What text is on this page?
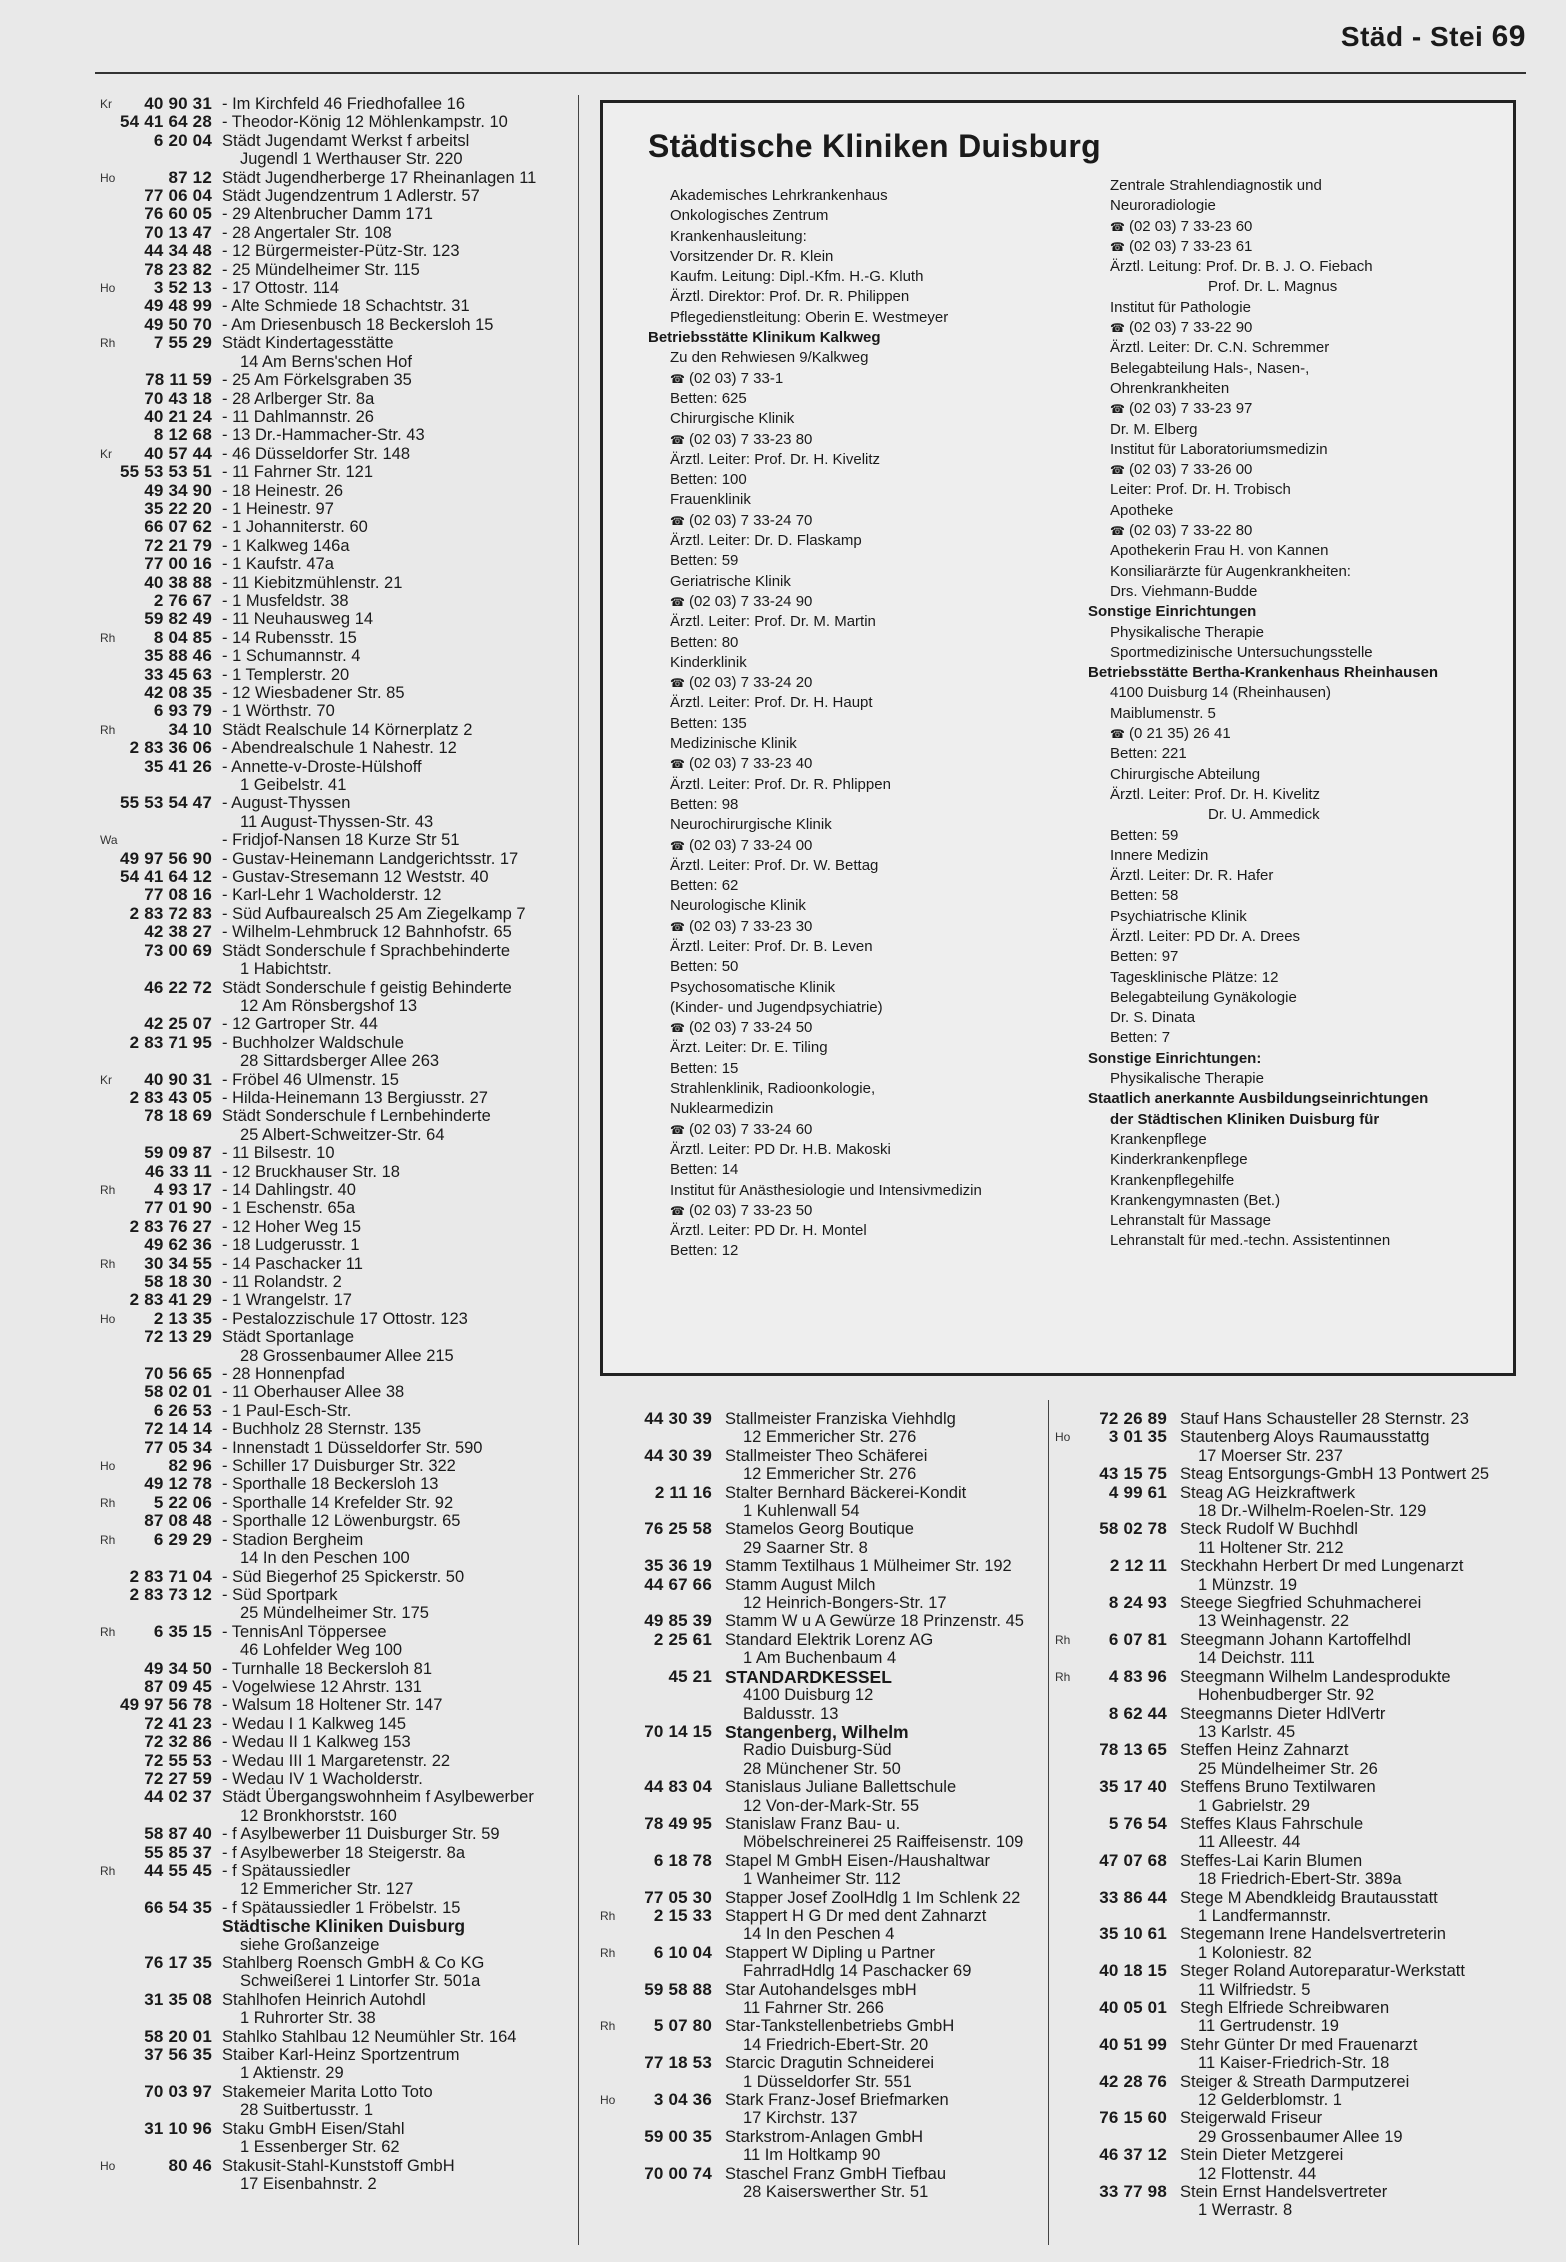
Städ - Stei 69
Kr	40 90 31 - Im Kirchfeld 46 Friedhofallee 16
54 41 64 28 - Theodor-König 12 Möhlenkampstr. 10
6 20 04 Städt Jugendamt Werkst f arbeitsl
Jugendl 1 Werthauser Str. 220
Ho	87 12 Städt Jugendherberge 17 Rheinanlagen 11
77 06 04 Städt Jugendzentrum 1 Adlerstr. 57
76 60 05 - 29 Altenbrucher Damm 171
70 13 47 - 28 Angertaler Str. 108
44 34 48 - 12 Bürgermeister-Pütz-Str. 123
78 23 82 - 25 Mündelheimer Str. 115
Ho	3 52 13 - 17 Ottostr. 114
49 48 99 - Alte Schmiede 18 Schachtstr. 31
49 50 70 - Am Driesenbusch 18 Beckersloh 15
Rh	7 55 29 Städt Kindertagesstätte
14 Am Berns'schen Hof
78 11 59 - 25 Am Förkelsgraben 35
70 43 18 - 28 Arlberger Str. 8a
40 21 24 - 11 Dahlmannstr. 26
8 12 68 - 13 Dr.-Hammacher-Str. 43
Kr	40 57 44 - 46 Düsseldorfer Str. 148
55 53 53 51 - 11 Fahrner Str. 121
49 34 90 - 18 Heinestr. 26
35 22 20 - 1 Heinestr. 97
66 07 62 - 1 Johanniterstr. 60
72 21 79 - 1 Kalkweg 146a
77 00 16 - 1 Kaufstr. 47a
40 38 88 - 11 Kiebitzmühlenstr. 21
2 76 67 - 1 Musfeldstr. 38
59 82 49 - 11 Neuhausweg 14
Rh	8 04 85 - 14 Rubensstr. 15
35 88 46 - 1 Schumannstr. 4
33 45 63 - 1 Templerstr. 20
42 08 35 - 12 Wiesbadener Str. 85
6 93 79 - 1 Wörthstr. 70
Rh	34 10 Städt Realschule 14 Körnerplatz 2
2 83 36 06 - Abendrealschule 1 Nahestr. 12
35 41 26 - Annette-v-Droste-Hülshoff
1 Geibelstr. 41
55 53 54 47 - August-Thyssen
11 August-Thyssen-Str. 43
Wa	- Fridjof-Nansen 18 Kurze Str 51
49 97 56 90 - Gustav-Heinemann Landgerichtsstr. 17
54 41 64 12 - Gustav-Stresemann 12 Weststr. 40
77 08 16 - Karl-Lehr 1 Wacholderstr. 12
2 83 72 83 - Süd Aufbaurealsch 25 Am Ziegelkamp 7
42 38 27 - Wilhelm-Lehmbruck 12 Bahnhofstr. 65
73 00 69 Städt Sonderschule f Sprachbehinderte
1 Habichtstr.
46 22 72 Städt Sonderschule f geistig Behinderte
12 Am Rönsbergshof 13
42 25 07 - 12 Gartroper Str. 44
2 83 71 95 - Buchholzer Waldschule
28 Sittardsberger Allee 263
Kr	40 90 31 - Fröbel 46 Ulmenstr. 15
2 83 43 05 - Hilda-Heinemann 13 Bergiusstr. 27
78 18 69 Städt Sonderschule f Lernbehinderte
25 Albert-Schweitzer-Str. 64
59 09 87 - 11 Bilsestr. 10
46 33 11 - 12 Bruckhauser Str. 18
Rh	4 93 17 - 14 Dahlingstr. 40
77 01 90 - 1 Eschenstr. 65a
2 83 76 27 - 12 Hoher Weg 15
49 62 36 - 18 Ludgerusstr. 1
Rh	30 34 55 - 14 Paschacker 11
58 18 30 - 11 Rolandstr. 2
2 83 41 29 - 1 Wrangelstr. 17
Ho	2 13 35 - Pestalozzischule 17 Ottostr. 123
72 13 29 Städt Sportanlage
28 Grossenbaumer Allee 215
70 56 65 - 28 Honnenpfad
58 02 01 - 11 Oberhauser Allee 38
6 26 53 - 1 Paul-Esch-Str.
72 14 14 - Buchholz 28 Sternstr. 135
77 05 34 - Innenstadt 1 Düsseldorfer Str. 590
Ho	82 96 - Schiller 17 Duisburger Str. 322
49 12 78 - Sporthalle 18 Beckersloh 13
Rh	5 22 06 - Sporthalle 14 Krefelder Str. 92
87 08 48 - Sporthalle 12 Löwenburgstr. 65
Rh	6 29 29 - Stadion Bergheim
14 In den Peschen 100
2 83 71 04 - Süd Biegerhof 25 Spickerstr. 50
2 83 73 12 - Süd Sportpark
25 Mündelheimer Str. 175
Rh	6 35 15 - TennisAnl Töppersee
46 Lohfelder Weg 100
49 34 50 - Turnhalle 18 Beckersloh 81
87 09 45 - Vogelwiese 12 Ahrstr. 131
49 97 56 78 - Walsum 18 Holtener Str. 147
72 41 23 - Wedau I 1 Kalkweg 145
72 32 86 - Wedau II 1 Kalkweg 153
72 55 53 - Wedau III 1 Margaretenstr. 22
72 27 59 - Wedau IV 1 Wacholderstr.
44 02 37 Städt Übergangswohnheim f Asylbewerber
12 Bronkhorststr. 160
58 87 40 - f Asylbewerber 11 Duisburger Str. 59
55 85 37 - f Asylbewerber 18 Steigerstr. 8a
Rh	44 55 45 - f Spätaussiedler
12 Emmericher Str. 127
66 54 35 - f Spätaussiedler 1 Fröbelstr. 15
Städtische Kliniken Duisburg
siehe Großanzeige
76 17 35 Stahlberg Roensch GmbH & Co KG
Schweißerei 1 Lintorfer Str. 501a
31 35 08 Stahlhofen Heinrich Autohdl
1 Ruhrorter Str. 38
58 20 01 Stahlko Stahlbau 12 Neumühler Str. 164
37 56 35 Staiber Karl-Heinz Sportzentrum
1 Aktienstr. 29
70 03 97 Stakemeier Marita Lotto Toto
28 Suitbertusstr. 1
31 10 96 Staku GmbH Eisen/Stahl
1 Essenberger Str. 62
Ho	80 46 Stakusit-Stahl-Kunststoff GmbH
17 Eisenbahnstr. 2
Städtische Kliniken Duisburg
Akademisches Lehrkrankenhaus
Onkologisches Zentrum
Krankenhausleitung:
Vorsitzender Dr. R. Klein
Kaufm. Leitung: Dipl.-Kfm. H.-G. Kluth
Ärztl. Direktor: Prof. Dr. R. Philippen
Pflegedienstleitung: Oberin E. Westmeyer
Betriebsstätte Klinikum Kalkweg
Zu den Rehwiesen 9/Kalkweg
☎ (02 03) 7 33-1
Betten: 625
Chirurgische Klinik
☎ (02 03) 7 33-23 80
Ärztl. Leiter: Prof. Dr. H. Kivelitz
Betten: 100
Frauenklinik
☎ (02 03) 7 33-24 70
Ärztl. Leiter: Dr. D. Flaskamp
Betten: 59
Geriatrische Klinik
☎ (02 03) 7 33-24 90
Ärztl. Leiter: Prof. Dr. M. Martin
Betten: 80
Kinderklinik
☎ (02 03) 7 33-24 20
Ärztl. Leiter: Prof. Dr. H. Haupt
Betten: 135
Medizinische Klinik
☎ (02 03) 7 33-23 40
Ärztl. Leiter: Prof. Dr. R. Phlippen
Betten: 98
Neurochirurgische Klinik
☎ (02 03) 7 33-24 00
Ärztl. Leiter: Prof. Dr. W. Bettag
Betten: 62
Neurologische Klinik
☎ (02 03) 7 33-23 30
Ärztl. Leiter: Prof. Dr. B. Leven
Betten: 50
Psychosomatische Klinik
(Kinder- und Jugendpsychiatrie)
☎ (02 03) 7 33-24 50
Ärzt. Leiter: Dr. E. Tiling
Betten: 15
Strahlenklinik, Radioonkologie,
Nuklearmedizin
☎ (02 03) 7 33-24 60
Ärztl. Leiter: PD Dr. H.B. Makoski
Betten: 14
Institut für Anästhesiologie und Intensivmedizin
☎ (02 03) 7 33-23 50
Ärztl. Leiter: PD Dr. H. Montel
Betten: 12
Zentrale Strahlendiagnostik und
Neuroradiologie
☎ (02 03) 7 33-23 60
☎ (02 03) 7 33-23 61
Ärztl. Leitung: Prof. Dr. B. J. O. Fiebach
Prof. Dr. L. Magnus
Institut für Pathologie
☎ (02 03) 7 33-22 90
Ärztl. Leiter: Dr. C.N. Schremmer
Belegabteilung Hals-, Nasen-,
Ohrenkrankheiten
☎ (02 03) 7 33-23 97
Dr. M. Elberg
Institut für Laboratoriumsmedizin
☎ (02 03) 7 33-26 00
Leiter: Prof. Dr. H. Trobisch
Apotheke
☎ (02 03) 7 33-22 80
Apothekerin Frau H. von Kannen
Konsiliarärzte für Augenkrankheiten:
Drs. Viehmann-Budde
Sonstige Einrichtungen
Physikalische Therapie
Sportmedizinische Untersuchungsstelle
Betriebsstätte Bertha-Krankenhaus Rheinhausen
4100 Duisburg 14 (Rheinhausen)
Maiblumenstr. 5
☎ (0 21 35) 26 41
Betten: 221
Chirurgische Abteilung
Ärztl. Leiter: Prof. Dr. H. Kivelitz
Dr. U. Ammedick
Betten: 59
Innere Medizin
Ärztl. Leiter: Dr. R. Hafer
Betten: 58
Psychiatrische Klinik
Ärztl. Leiter: PD Dr. A. Drees
Betten: 97
Tagesklinische Plätze: 12
Belegabteilung Gynäkologie
Dr. S. Dinata
Betten: 7
Sonstige Einrichtungen:
Physikalische Therapie
Staatlich anerkannte Ausbildungseinrichtungen
der Städtischen Kliniken Duisburg für
Krankenpflege
Kinderkrankenpflege
Krankenpflegehilfe
Krankengymnasten (Bet.)
Lehranstalt für Massage
Lehranstalt für med.-techn. Assistentinnen
44 30 39 Stallmeister Franziska Viehhdlg
12 Emmericher Str. 276
44 30 39 Stallmeister Theo Schäferei
12 Emmericher Str. 276
2 11 16 Stalter Bernhard Bäckerei-Kondit
1 Kuhlenwall 54
76 25 58 Stamelos Georg Boutique
29 Saarner Str. 8
35 36 19 Stamm Textilhaus 1 Mülheimer Str. 192
44 67 66 Stamm August Milch
12 Heinrich-Bongers-Str. 17
49 85 39 Stamm W u A Gewürze 18 Prinzenstr. 45
2 25 61 Standard Elektrik Lorenz AG
1 Am Buchenbaum 4
45 21 STANDARDKESSEL
4100 Duisburg 12
Baldusstr. 13
70 14 15 Stangenberg, Wilhelm
Radio Duisburg-Süd
28 Münchener Str. 50
44 83 04 Stanislaus Juliane Ballettschule
12 Von-der-Mark-Str. 55
78 49 95 Stanislaw Franz Bau- u.
Möbelschreinerei 25 Raiffeisenstr. 109
6 18 78 Stapel M GmbH Eisen-/Haushaltwar
1 Wanheimer Str. 112
77 05 30 Stapper Josef ZoolHdlg 1 Im Schlenk 22
Rh	2 15 33 Stappert H G Dr med dent Zahnarzt
14 In den Peschen 4
Rh	6 10 04 Stappert W Dipling u Partner
FahrradHdlg 14 Paschacker 69
59 58 88 Star Autohandelsges mbH
11 Fahrner Str. 266
Rh	5 07 80 Star-Tankstellenbetriebs GmbH
14 Friedrich-Ebert-Str. 20
77 18 53 Starcic Dragutin Schneiderei
1 Düsseldorfer Str. 551
Ho	3 04 36 Stark Franz-Josef Briefmarken
17 Kirchstr. 137
59 00 35 Starkstrom-Anlagen GmbH
11 Im Holtkamp 90
70 00 74 Staschel Franz GmbH Tiefbau
28 Kaiserswerther Str. 51
72 26 89 Stauf Hans Schausteller 28 Sternstr. 23
Ho	3 01 35 Stautenberg Aloys Raumausstattg
17 Moerser Str. 237
43 15 75 Steag Entsorgungs-GmbH 13 Pontwert 25
4 99 61 Steag AG Heizkraftwerk
18 Dr.-Wilhelm-Roelen-Str. 129
58 02 78 Steck Rudolf W Buchhdl
11 Holtener Str. 212
2 12 11 Steckhahn Herbert Dr med Lungenarzt
1 Münzstr. 19
8 24 93 Steege Siegfried Schuhmacherei
13 Weinhagenstr. 22
Rh	6 07 81 Steegmann Johann Kartoffelhdl
14 Deichstr. 111
Rh	4 83 96 Steegmann Wilhelm Landesprodukte
Hohenbudberger Str. 92
8 62 44 Steegmanns Dieter HdlVertr
13 Karlstr. 45
78 13 65 Steffen Heinz Zahnarzt
25 Mündelheimer Str. 26
35 17 40 Steffens Bruno Textilwaren
1 Gabrielstr. 29
5 76 54 Steffes Klaus Fahrschule
11 Alleestr. 44
47 07 68 Steffes-Lai Karin Blumen
18 Friedrich-Ebert-Str. 389a
33 86 44 Stege M Abendkleidg Brautausstatt
1 Landfermannstr.
35 10 61 Stegemann Irene Handelsvertreterin
1 Koloniestr. 82
40 18 15 Steger Roland Autoreparatur-Werkstatt
11 Wilfriedstr. 5
40 05 01 Stegh Elfriede Schreibwaren
11 Gertrudenstr. 19
40 51 99 Stehr Günter Dr med Frauenarzt
11 Kaiser-Friedrich-Str. 18
42 28 76 Steiger & Streath Darmputzerei
12 Gelderblomstr. 1
76 15 60 Steigerwald Friseur
29 Grossenbaumer Allee 19
46 37 12 Stein Dieter Metzgerei
12 Flottenstr. 44
33 77 98 Stein Ernst Handelsvertreter
1 Werrastr. 8
